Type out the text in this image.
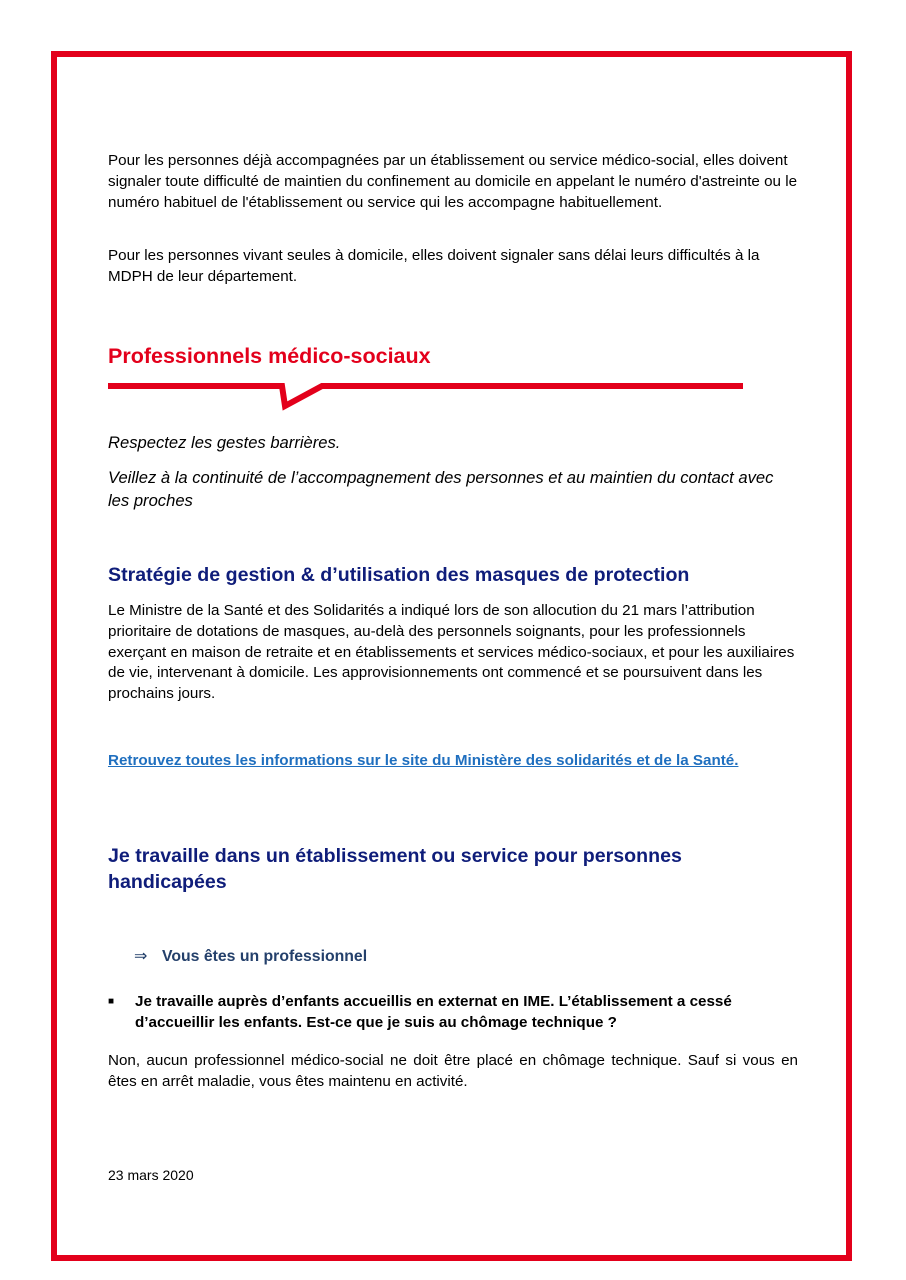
Pour les personnes déjà accompagnées par un établissement ou service médico-social, elles doivent signaler toute difficulté de maintien du confinement au domicile en appelant le numéro d'astreinte ou le numéro habituel de l'établissement ou service qui les accompagne habituellement.

Pour les personnes vivant seules à domicile, elles doivent signaler sans délai leurs difficultés à la MDPH de leur département.

Professionnels médico-sociaux

Respectez les gestes barrières.

Veillez à la continuité de l’accompagnement des personnes et au maintien du contact avec les proches

Stratégie de gestion & d’utilisation des masques de protection

Le Ministre de la Santé et des Solidarités a indiqué lors de son allocution du 21 mars l’attribution prioritaire de dotations de masques, au-delà des personnels soignants, pour les professionnels exerçant en maison de retraite et en établissements et services médico-sociaux, et pour les auxiliaires de vie, intervenant à domicile. Les approvisionnements ont commencé et se poursuivent dans les prochains jours.

Retrouvez toutes les informations sur le site du Ministère des solidarités et de la Santé.
Je travaille dans un établissement ou service pour personnes handicapées

⇒ Vous êtes un professionnel

■ Je travaille auprès d’enfants accueillis en externat en IME. L’établissement a cessé d’accueillir les enfants. Est-ce que je suis au chômage technique ?

Non, aucun professionnel médico-social ne doit être placé en chômage technique. Sauf si vous en êtes en arrêt maladie, vous êtes maintenu en activité.

23 mars 2020
